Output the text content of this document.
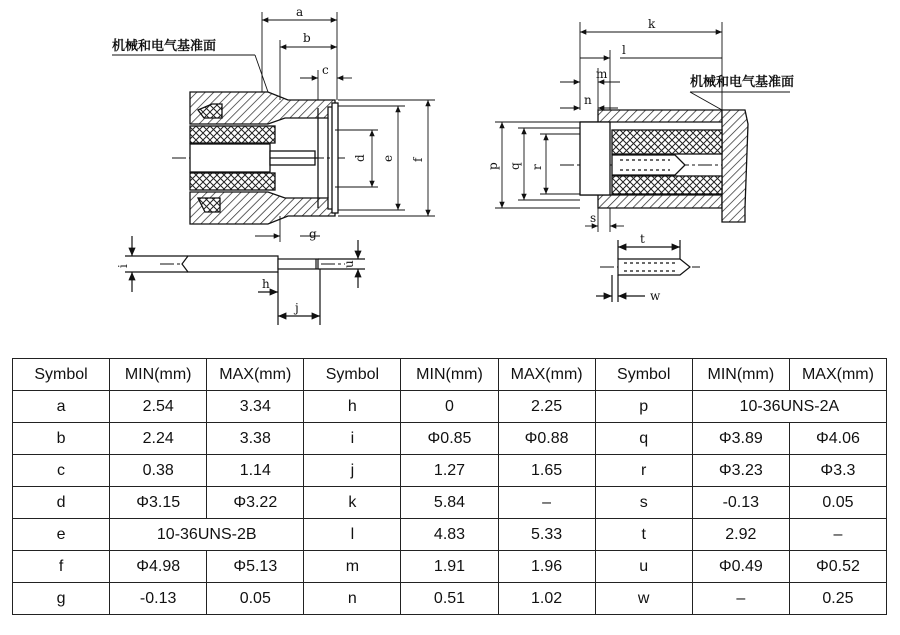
机械和电气基准面
a
b
c
d e f
g
i	u
h
j
机械和电气基准面
k
l
m
n
p q r
s
t
w
Symbol	MIN(mm)	MAX(mm)	Symbol	MIN(mm)	MAX(mm)	Symbol	MIN(mm)	MAX(mm)
a	2.54	3.34	h	0	2.25	p	10-36UNS-2A	
b	2.24	3.38	i	Φ0.85	Φ0.88	q	Φ3.89	Φ4.06
c	0.38	1.14	j	1.27	1.65	r	Φ3.23	Φ3.3
d	Φ3.15	Φ3.22	k	5.84	–	s	-0.13	0.05
e	10-36UNS-2B		l	4.83	5.33	t	2.92	–
f	Φ4.98	Φ5.13	m	1.91	1.96	u	Φ0.49	Φ0.52
g	-0.13	0.05	n	0.51	1.02	w	–	0.25
